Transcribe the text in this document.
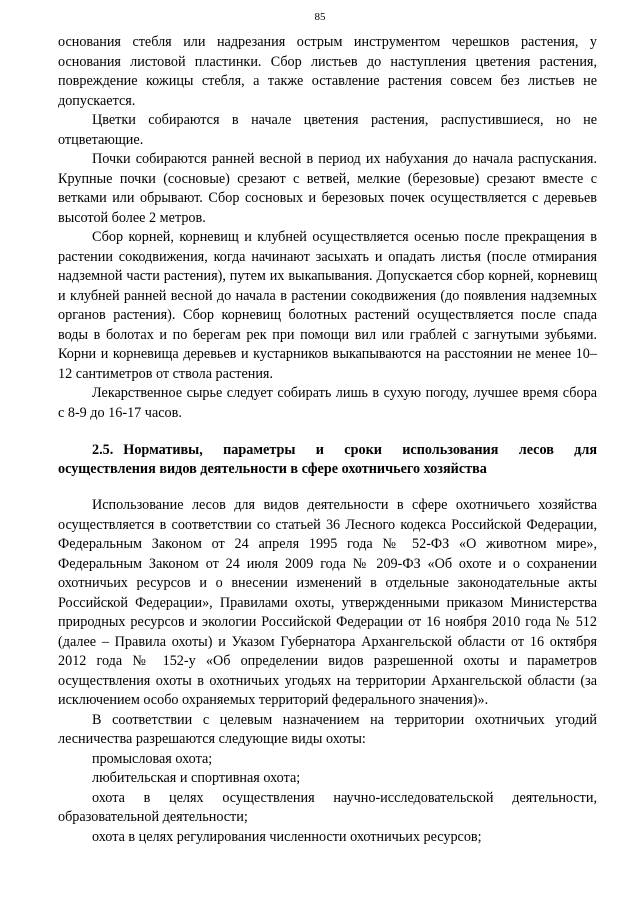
85

основания стебля или надрезания острым инструментом черешков растения, у основания листовой пластинки. Сбор листьев до наступления цветения растения, повреждение кожицы стебля, а также оставление растения совсем без листьев не допускается.

Цветки собираются в начале цветения растения, распустившиеся, но не отцветающие.

Почки собираются ранней весной в период их набухания до начала распускания. Крупные почки (сосновые) срезают с ветвей, мелкие (березовые) срезают вместе с ветками или обрывают. Сбор сосновых и березовых почек осуществляется с деревьев высотой более 2 метров.

Сбор корней, корневищ и клубней осуществляется осенью после прекращения в растении сокодвижения, когда начинают засыхать и опадать листья (после отмирания надземной части растения), путем их выкапывания. Допускается сбор корней, корневищ и клубней ранней весной до начала в растении сокодвижения (до появления надземных органов растения). Сбор корневищ болотных растений осуществляется после спада воды в болотах и по берегам рек при помощи вил или граблей с загнутыми зубьями. Корни и корневища деревьев и кустарников выкапываются на расстоянии не менее 10–12 сантиметров от ствола растения.

Лекарственное сырье следует собирать лишь в сухую погоду, лучшее время сбора с 8-9 до 16-17 часов.

2.5. Нормативы, параметры и сроки использования лесов для осуществления видов деятельности в сфере охотничьего хозяйства

Использование лесов для видов деятельности в сфере охотничьего хозяйства осуществляется в соответствии со статьей 36 Лесного кодекса Российской Федерации, Федеральным Законом от 24 апреля 1995 года № 52-ФЗ «О животном мире», Федеральным Законом от 24 июля 2009 года № 209-ФЗ «Об охоте и о сохранении охотничьих ресурсов и о внесении изменений в отдельные законодательные акты Российской Федерации», Правилами охоты, утвержденными приказом Министерства природных ресурсов и экологии Российской Федерации от 16 ноября 2010 года № 512 (далее – Правила охоты) и Указом Губернатора Архангельской области от 16 октября 2012 года № 152-у «Об определении видов разрешенной охоты и параметров осуществления охоты в охотничьих угодьях на территории Архангельской области (за исключением особо охраняемых территорий федерального значения)».

В соответствии с целевым назначением на территории охотничьих угодий лесничества разрешаются следующие виды охоты:

промысловая охота;

любительская и спортивная охота;

охота в целях осуществления научно-исследовательской деятельности, образовательной деятельности;

охота в целях регулирования численности охотничьих ресурсов;
